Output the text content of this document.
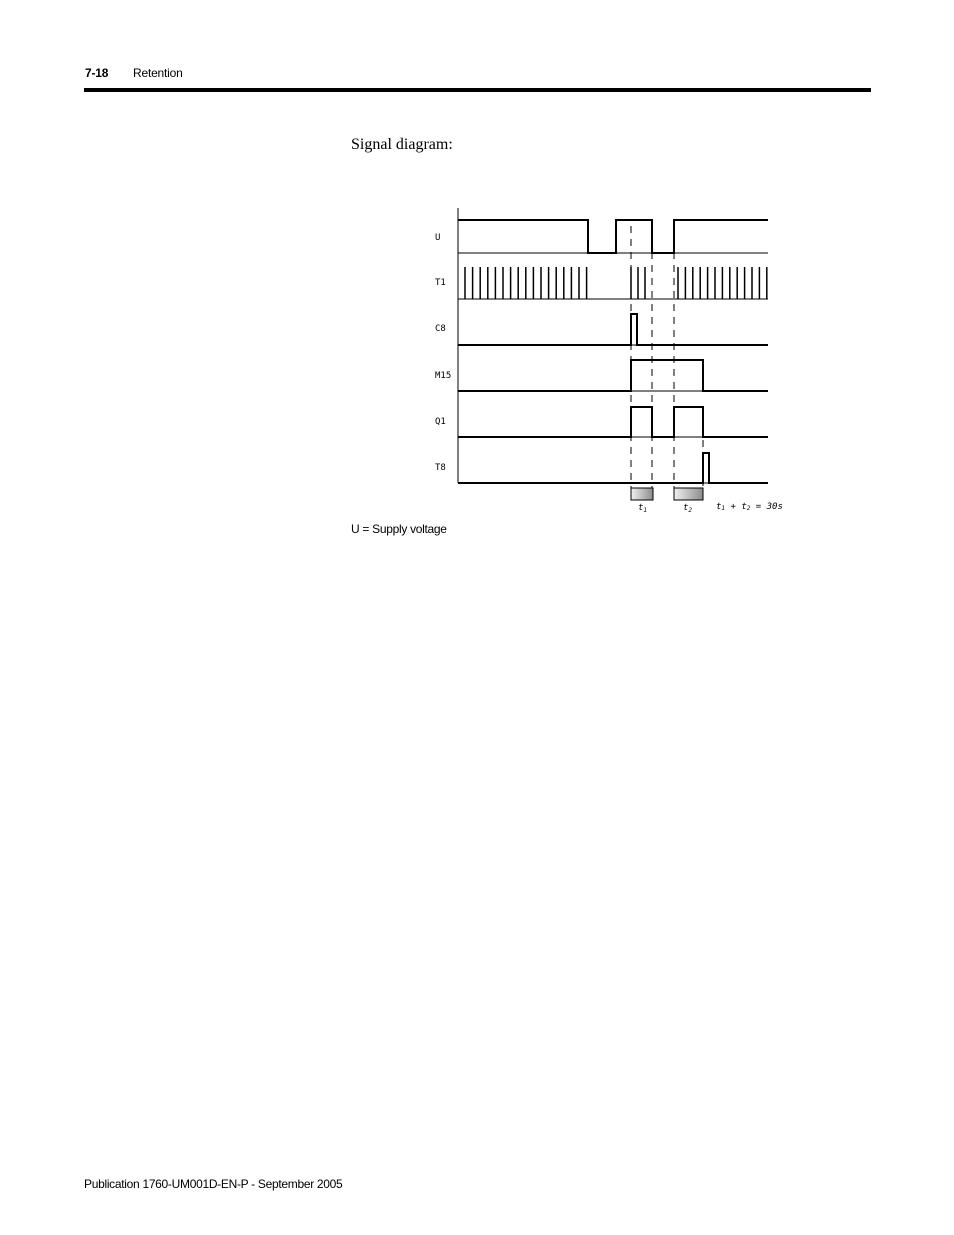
7-18 Retention
Signal diagram:
U
T1
C8
M15
Q1
T8
$t_1$	$t_2$	t1 + t2 = 30s
U = Supply voltage
Publication 1760-UM001D-EN-P - September 2005
